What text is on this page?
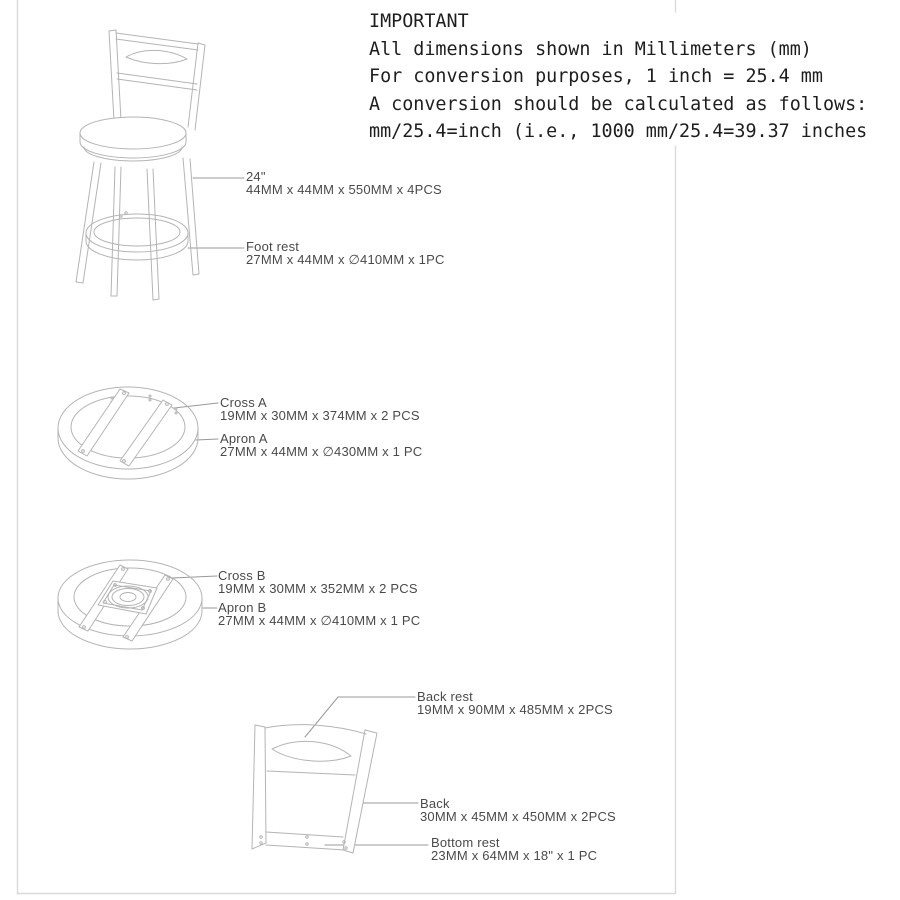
IMPORTANT
All dimensions shown in Millimeters (mm)
For conversion purposes, 1 inch = 25.4 mm
A conversion should be calculated as follows:
mm/25.4=inch (i.e., 1000 mm/25.4=39.37 inches
24"
44MM x 44MM x 550MM x 4PCS
Foot rest
27MM x 44MM x ∅410MM x 1PC
Cross A
19MM x 30MM x 374MM x 2 PCS
Apron A
27MM x 44MM x ∅430MM x 1 PC
Cross B
19MM x 30MM x 352MM x 2 PCS
Apron B
27MM x 44MM x ∅410MM x 1 PC
Back rest
19MM x 90MM x 485MM x 2PCS
Back
30MM x 45MM x 450MM x 2PCS
Bottom rest
23MM x 64MM x 18" x 1 PC
